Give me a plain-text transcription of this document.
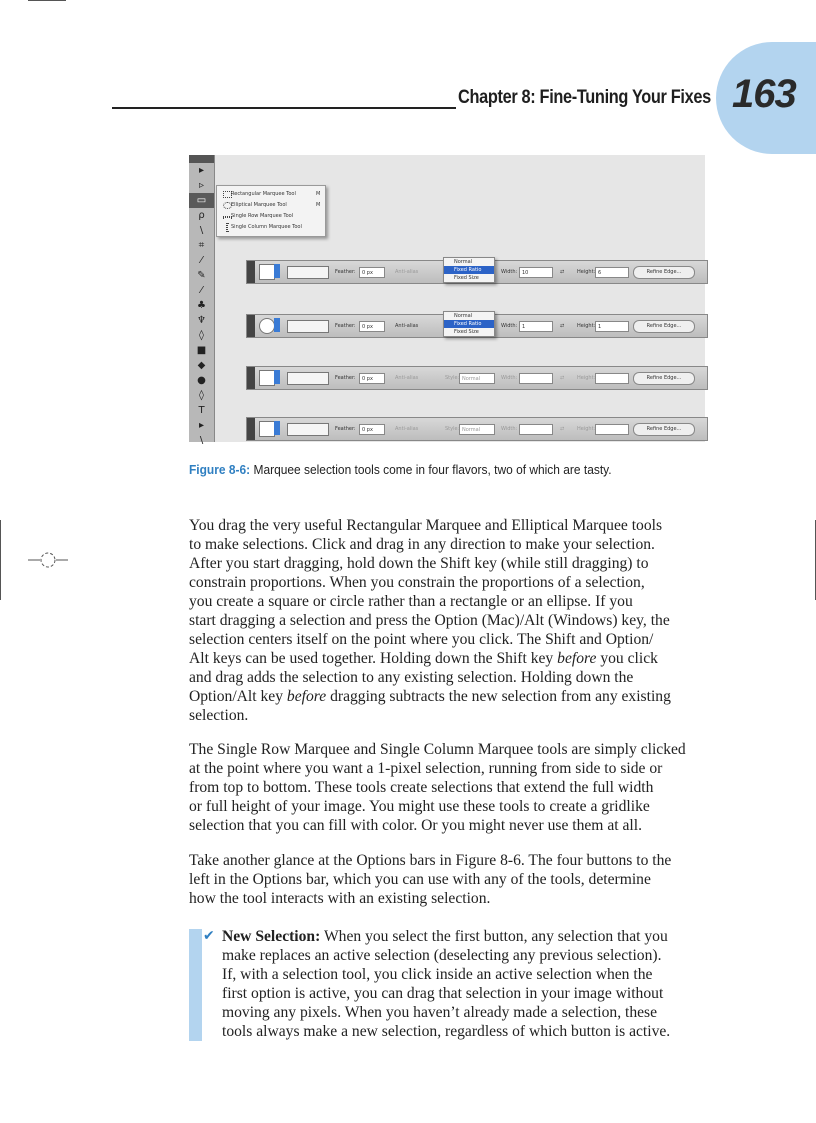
Chapter 8: Fine-Tuning Your Fixes 163
▸
▹
▭
ρ
\
⌗
⁄
✎
⁄
♣
♆
◊
■
◆
●
◊
T
▸
\
Rectangular Marquee Tool	M
Elliptical Marquee Tool	M
Single Row Marquee Tool
Single Column Marquee Tool
Feather: 0 px	Anti-alias	Width: 10	⇄	Height: 6	Refine Edge...
Normal
Fixed Ratio
Fixed Size
Feather: 0 px	Anti-alias	Width: 1	⇄	Height: 1	Refine Edge...
Normal
Fixed Ratio
Fixed Size
Feather: 0 px	Anti-alias	Style: Normal	Width:	⇄	Height:	Refine Edge...
Feather: 0 px	Anti-alias	Style: Normal	Width:	⇄	Height:	Refine Edge...
Figure 8-6: Marquee selection tools come in four flavors, two of which are tasty.

You drag the very useful Rectangular Marquee and Elliptical Marquee tools
to make selections. Click and drag in any direction to make your selection.
After you start dragging, hold down the Shift key (while still dragging) to
constrain proportions. When you constrain the proportions of a selection,
you create a square or circle rather than a rectangle or an ellipse. If you
start dragging a selection and press the Option (Mac)/Alt (Windows) key, the
selection centers itself on the point where you click. The Shift and Option/
Alt keys can be used together. Holding down the Shift key before you click
and drag adds the selection to any existing selection. Holding down the
Option/Alt key before dragging subtracts the new selection from any existing
selection.

The Single Row Marquee and Single Column Marquee tools are simply clicked
at the point where you want a 1-pixel selection, running from side to side or
from top to bottom. These tools create selections that extend the full width
or full height of your image. You might use these tools to create a gridlike
selection that you can fill with color. Or you might never use them at all.

Take another glance at the Options bars in Figure 8-6. The four buttons to the
left in the Options bar, which you can use with any of the tools, determine
how the tool interacts with an existing selection.

✔ New Selection: When you select the first button, any selection that you
make replaces an active selection (deselecting any previous selection).
If, with a selection tool, you click inside an active selection when the
first option is active, you can drag that selection in your image without
moving any pixels. When you haven’t already made a selection, these
tools always make a new selection, regardless of which button is active.
